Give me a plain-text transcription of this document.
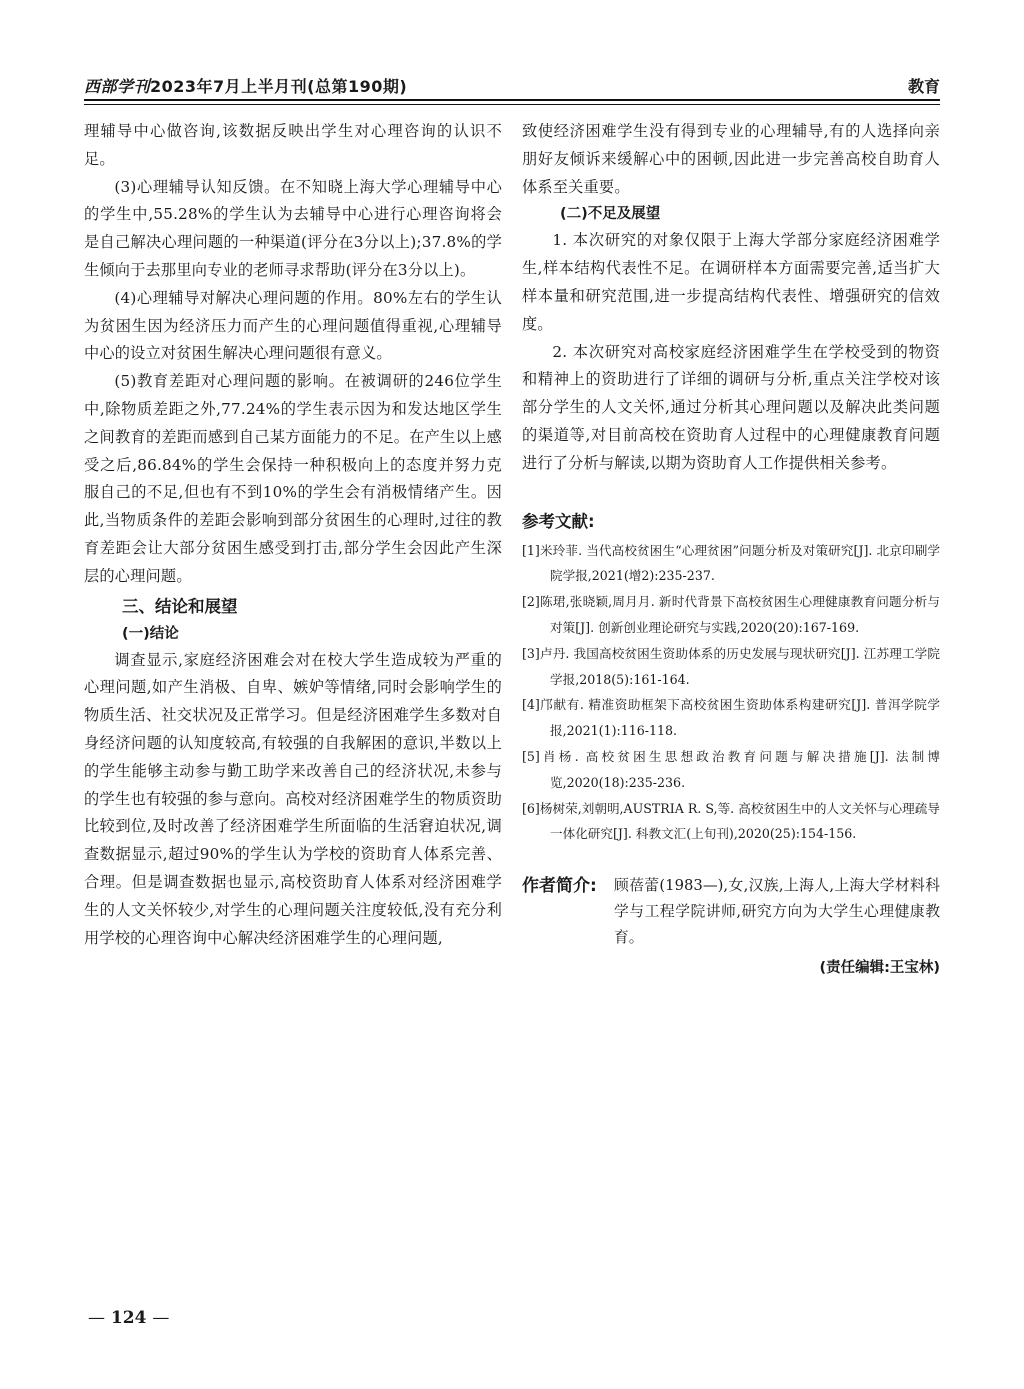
西部学刊2023年7月上半月刊(总第190期)	教育

理辅导中心做咨询,该数据反映出学生对心理咨询的认识不足。

(3)心理辅导认知反馈。在不知晓上海大学心理辅导中心的学生中,55.28%的学生认为去辅导中心进行心理咨询将会是自己解决心理问题的一种渠道(评分在3分以上);37.8%的学生倾向于去那里向专业的老师寻求帮助(评分在3分以上)。

(4)心理辅导对解决心理问题的作用。80%左右的学生认为贫困生因为经济压力而产生的心理问题值得重视,心理辅导中心的设立对贫困生解决心理问题很有意义。

(5)教育差距对心理问题的影响。在被调研的246位学生中,除物质差距之外,77.24%的学生表示因为和发达地区学生之间教育的差距而感到自己某方面能力的不足。在产生以上感受之后,86.84%的学生会保持一种积极向上的态度并努力克服自己的不足,但也有不到10%的学生会有消极情绪产生。因此,当物质条件的差距会影响到部分贫困生的心理时,过往的教育差距会让大部分贫困生感受到打击,部分学生会因此产生深层的心理问题。

三、结论和展望
(一)结论

调查显示,家庭经济困难会对在校大学生造成较为严重的心理问题,如产生消极、自卑、嫉妒等情绪,同时会影响学生的物质生活、社交状况及正常学习。但是经济困难学生多数对自身经济问题的认知度较高,有较强的自我解困的意识,半数以上的学生能够主动参与勤工助学来改善自己的经济状况,未参与的学生也有较强的参与意向。高校对经济困难学生的物质资助比较到位,及时改善了经济困难学生所面临的生活窘迫状况,调查数据显示,超过90%的学生认为学校的资助育人体系完善、合理。但是调查数据也显示,高校资助育人体系对经济困难学生的人文关怀较少,对学生的心理问题关注度较低,没有充分利用学校的心理咨询中心解决经济困难学生的心理问题,

致使经济困难学生没有得到专业的心理辅导,有的人选择向亲朋好友倾诉来缓解心中的困顿,因此进一步完善高校自助育人体系至关重要。

(二)不足及展望

1. 本次研究的对象仅限于上海大学部分家庭经济困难学生,样本结构代表性不足。在调研样本方面需要完善,适当扩大样本量和研究范围,进一步提高结构代表性、增强研究的信效度。

2. 本次研究对高校家庭经济困难学生在学校受到的物资和精神上的资助进行了详细的调研与分析,重点关注学校对该部分学生的人文关怀,通过分析其心理问题以及解决此类问题的渠道等,对目前高校在资助育人过程中的心理健康教育问题进行了分析与解读,以期为资助育人工作提供相关参考。

参考文献:
[1]米玲菲. 当代高校贫困生“心理贫困”问题分析及对策研究[J]. 北京印刷学院学报,2021(增2):235-237.
[2]陈珺,张晓颖,周月月. 新时代背景下高校贫困生心理健康教育问题分析与对策[J]. 创新创业理论研究与实践,2020(20):167-169.
[3]卢丹. 我国高校贫困生资助体系的历史发展与现状研究[J]. 江苏理工学院学报,2018(5):161-164.
[4]邝献有. 精准资助框架下高校贫困生资助体系构建研究[J]. 普洱学院学报,2021(1):116-118.
[5]肖杨. 高校贫困生思想政治教育问题与解决措施[J]. 法制博览,2020(18):235-236.
[6]杨树荣,刘朝明,AUSTRIA R. S,等. 高校贫困生中的人文关怀与心理疏导一体化研究[J]. 科教文汇(上旬刊),2020(25):154-156.
作者简介: 顾蓓蕾(1983—),女,汉族,上海人,上海大学材料科学与工程学院讲师,研究方向为大学生心理健康教育。
(责任编辑:王宝林)
— 124 —
